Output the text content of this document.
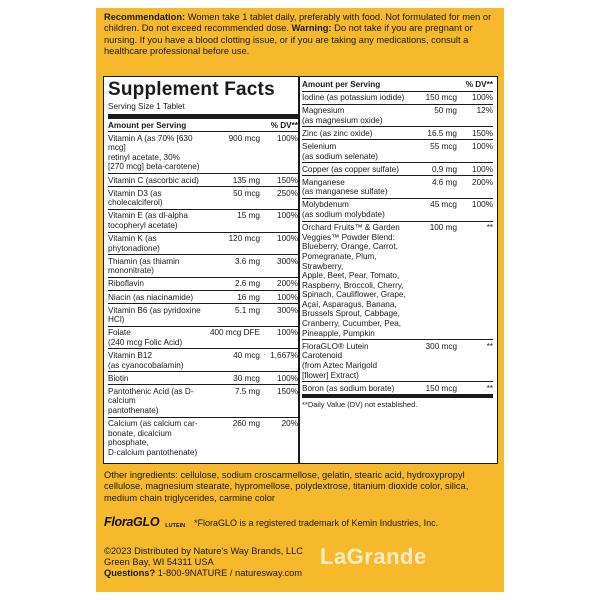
Recommendation: Women take 1 tablet daily, preferably with food. Not formulated for men or children. Do not exceed recommended dose. Warning: Do not take if you are pregnant or nursing. If you have a blood clotting issue, or if you are taking any medications, consult a healthcare professional before use.
Supplement Facts
Serving Size 1 Tablet
Amount per Serving	% DV**
Vitamin A (as 70% [630 mcg]
retinyl acetate, 30%
[270 mcg] beta-carotene)
900 mcg	100%
Vitamin C (ascorbic acid)	135 mg	150%
Vitamin D3 (as cholecalciferol)
50 mcg	250%
Vitamin E (as dl-alpha
tocopheryl acetate)
15 mg	100%
Vitamin K (as phytonadione)
120 mcg	100%
Thiamin (as thiamin
mononitrate)
3.6 mg	300%
Riboflavin	2.6 mg	200%
Niacin (as niacinamide)	16 mg	100%
Vitamin B6 (as pyridoxine HCl)
5.1 mg	300%
Folate
(240 mcg Folic Acid)
400 mcg DFE	100%
Vitamin B12
(as cyanocobalamin)
40 mcg	1,667%
Biotin	30 mcg	100%
Pantothenic Acid (as D-calcium
pantothenate)
7.5 mg	150%
Calcium (as calcium car-
bonate, dicalcium phosphate,
D-calcium pantothenate)
260 mg	20%
Amount per Serving	% DV**
Iodine (as potassium iodide)	150 mcg	100%
Magnesium
(as magnesium oxide)
50 mg	12%
Zinc (as zinc oxide)	16.5 mg	150%
Selenium
(as sodium selenate)
55 mcg	100%
Copper (as copper sulfate)	0.9 mg	100%
Manganese
(as manganese sulfate)
4.6 mg	200%
Molybdenum
(as sodium molybdate)
45 mcg	100%
Orchard Fruits™ & Garden
Veggies™ Powder Blend:
Blueberry, Orange, Carrot,
Pomegranate, Plum, Strawberry,
Apple, Beet, Pear, Tomato,
Raspberry, Broccoli, Cherry,
Spinach, Cauliflower, Grape,
Açaí, Asparagus, Banana,
Brussels Sprout, Cabbage,
Cranberry, Cucumber, Pea,
Pineapple, Pumpkin
100 mg	**
FloraGLO® Lutein Carotenoid
(from Aztec Marigold
[flower] Extract)
300 mcg	**
Boron (as sodium borate)	150 mcg	**
**Daily Value (DV) not established.
Other ingredients: cellulose, sodium croscarmellose, gelatin, stearic acid, hydroxypropyl cellulose, magnesium stearate, hypromellose, polydextrose, titanium dioxide color, silica, medium chain triglycerides, carmine color
FloraGLO LUTEIN *FloraGLO is a registered trademark of Kemin Industries, Inc.
©2023 Distributed by Nature's Way Brands, LLC
Green Bay, WI 54311 USA
Questions? 1-800-9NATURE / naturesway.com
LaGrande
